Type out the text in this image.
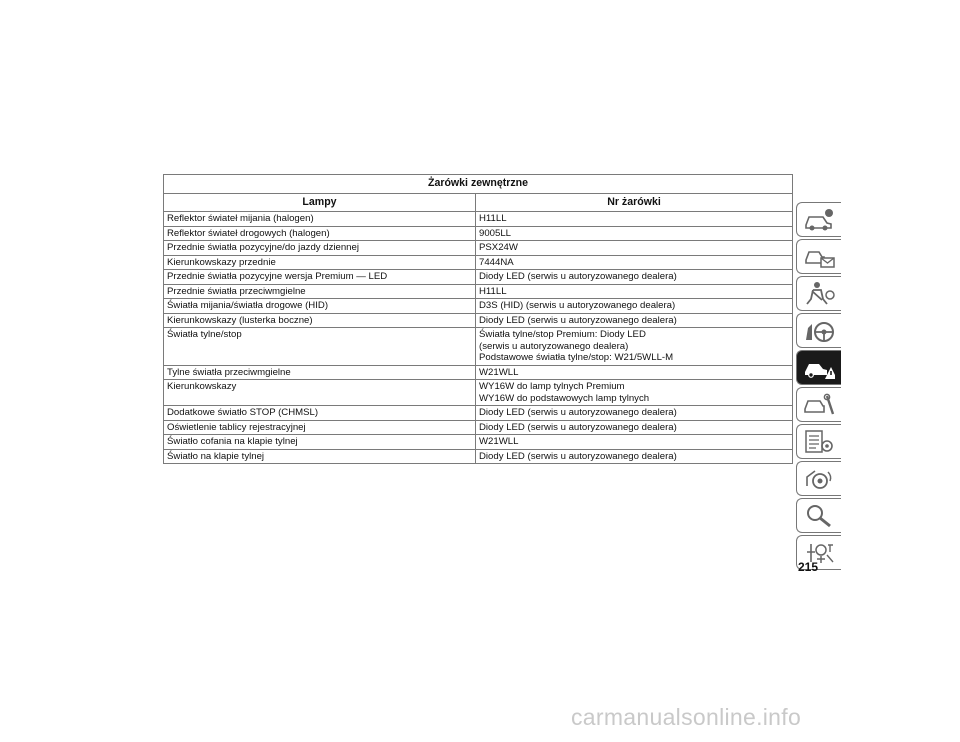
Żarówki zewnętrzne	
Lampy	Nr żarówki
Reflektor świateł mijania (halogen)	H11LL
Reflektor świateł drogowych (halogen)	9005LL
Przednie światła pozycyjne/do jazdy dziennej	PSX24W
Kierunkowskazy przednie	7444NA
Przednie światła pozycyjne wersja Premium — LED	Diody LED (serwis u autoryzowanego dealera)
Przednie światła przeciwmgielne	H11LL
Światła mijania/światła drogowe (HID)	D3S (HID) (serwis u autoryzowanego dealera)
Kierunkowskazy (lusterka boczne)	Diody LED (serwis u autoryzowanego dealera)
Światła tylne/stop	Światła tylne/stop Premium: Diody LED
(serwis u autoryzowanego dealera)
Podstawowe światła tylne/stop: W21/5WLL-M
Tylne światła przeciwmgielne	W21WLL
Kierunkowskazy	WY16W do lamp tylnych Premium
WY16W do podstawowych lamp tylnych
Dodatkowe światło STOP (CHMSL)	Diody LED (serwis u autoryzowanego dealera)
Oświetlenie tablicy rejestracyjnej	Diody LED (serwis u autoryzowanego dealera)
Światło cofania na klapie tylnej	W21WLL
Światło na klapie tylnej	Diody LED (serwis u autoryzowanego dealera)
215
carmanualsonline.info
